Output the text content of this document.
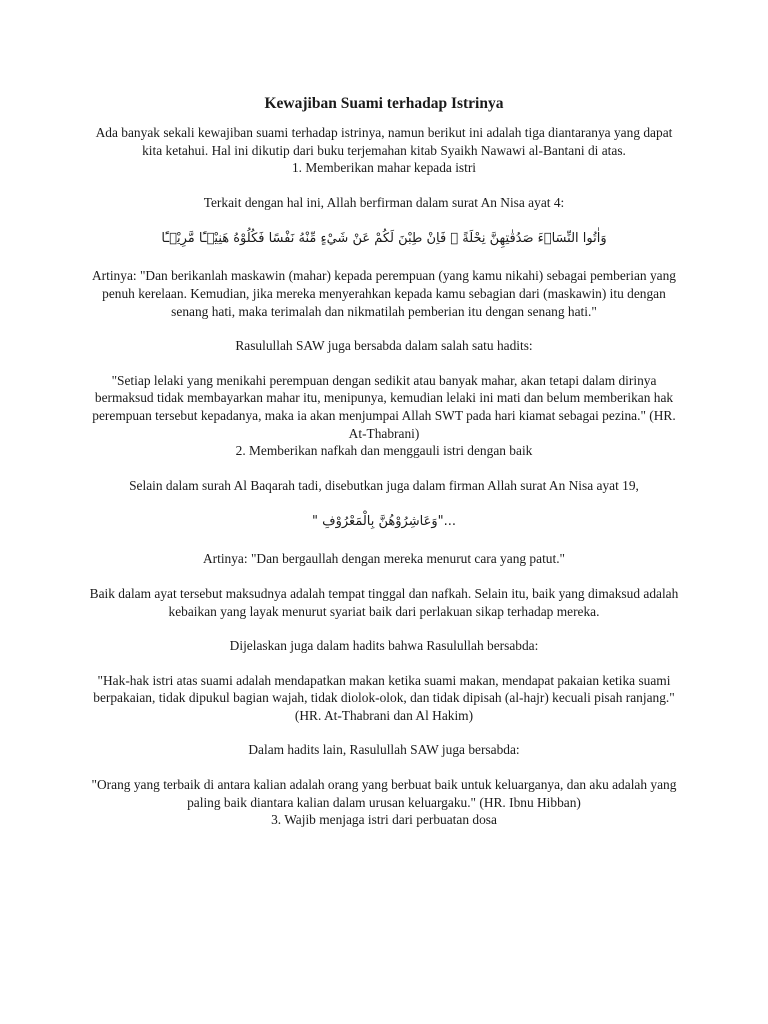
Kewajiban Suami terhadap Istrinya

Ada banyak sekali kewajiban suami terhadap istrinya, namun berikut ini adalah tiga diantaranya yang dapat kita ketahui. Hal ini dikutip dari buku terjemahan kitab Syaikh Nawawi al-Bantani di atas.

1. Memberikan mahar kepada istri

Terkait dengan hal ini, Allah berfirman dalam surat An Nisa ayat 4:

وَاٰتُوا النِّسَاۤءَ صَدُقٰتِهِنَّ نِحْلَةً ۗ فَاِنْ طِبْنَ لَكُمْ عَنْ شَيْءٍ مِّنْهُ نَفْسًا فَكُلُوْهُ هَنِيْۤـًٔا مَّرِيْۤـًٔا

Artinya: "Dan berikanlah maskawin (mahar) kepada perempuan (yang kamu nikahi) sebagai pemberian yang penuh kerelaan. Kemudian, jika mereka menyerahkan kepada kamu sebagian dari (maskawin) itu dengan senang hati, maka terimalah dan nikmatilah pemberian itu dengan senang hati."

Rasulullah SAW juga bersabda dalam salah satu hadits:

"Setiap lelaki yang menikahi perempuan dengan sedikit atau banyak mahar, akan tetapi dalam dirinya bermaksud tidak membayarkan mahar itu, menipunya, kemudian lelaki ini mati dan belum memberikan hak perempuan tersebut kepadanya, maka ia akan menjumpai Allah SWT pada hari kiamat sebagai pezina." (HR. At-Thabrani)

2. Memberikan nafkah dan menggauli istri dengan baik

Selain dalam surah Al Baqarah tadi, disebutkan juga dalam firman Allah surat An Nisa ayat 19,

" وَعَاشِرُوْهُنَّ بِالْمَعْرُوْفِ"...

Artinya: "Dan bergaullah dengan mereka menurut cara yang patut."

Baik dalam ayat tersebut maksudnya adalah tempat tinggal dan nafkah. Selain itu, baik yang dimaksud adalah kebaikan yang layak menurut syariat baik dari perlakuan sikap terhadap mereka.

Dijelaskan juga dalam hadits bahwa Rasulullah bersabda:

"Hak-hak istri atas suami adalah mendapatkan makan ketika suami makan, mendapat pakaian ketika suami berpakaian, tidak dipukul bagian wajah, tidak diolok-olok, dan tidak dipisah (al-hajr) kecuali pisah ranjang." (HR. At-Thabrani dan Al Hakim)

Dalam hadits lain, Rasulullah SAW juga bersabda:

"Orang yang terbaik di antara kalian adalah orang yang berbuat baik untuk keluarganya, dan aku adalah yang paling baik diantara kalian dalam urusan keluargaku." (HR. Ibnu Hibban)

3. Wajib menjaga istri dari perbuatan dosa
